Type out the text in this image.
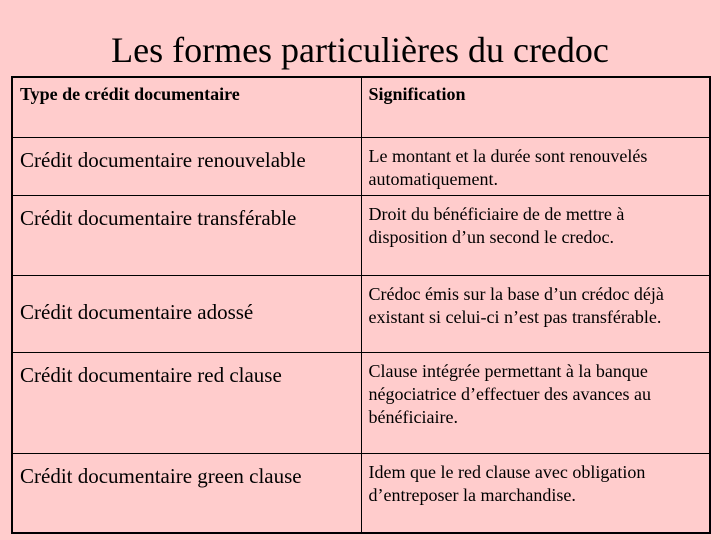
Les formes particulières du credoc
Type de crédit documentaire	Signification
Crédit documentaire renouvelable	Le montant et la durée sont renouvelés automatiquement.
Crédit documentaire transférable	Droit du bénéficiaire de de mettre à disposition d’un second le credoc.
Crédit documentaire adossé	Crédoc émis sur la base d’un crédoc déjà existant si celui-ci n’est pas transférable.
Crédit documentaire red clause	Clause intégrée permettant à la banque négociatrice d’effectuer des avances au bénéficiaire.
Crédit documentaire green clause	Idem que le red clause avec obligation d’entreposer la marchandise.
